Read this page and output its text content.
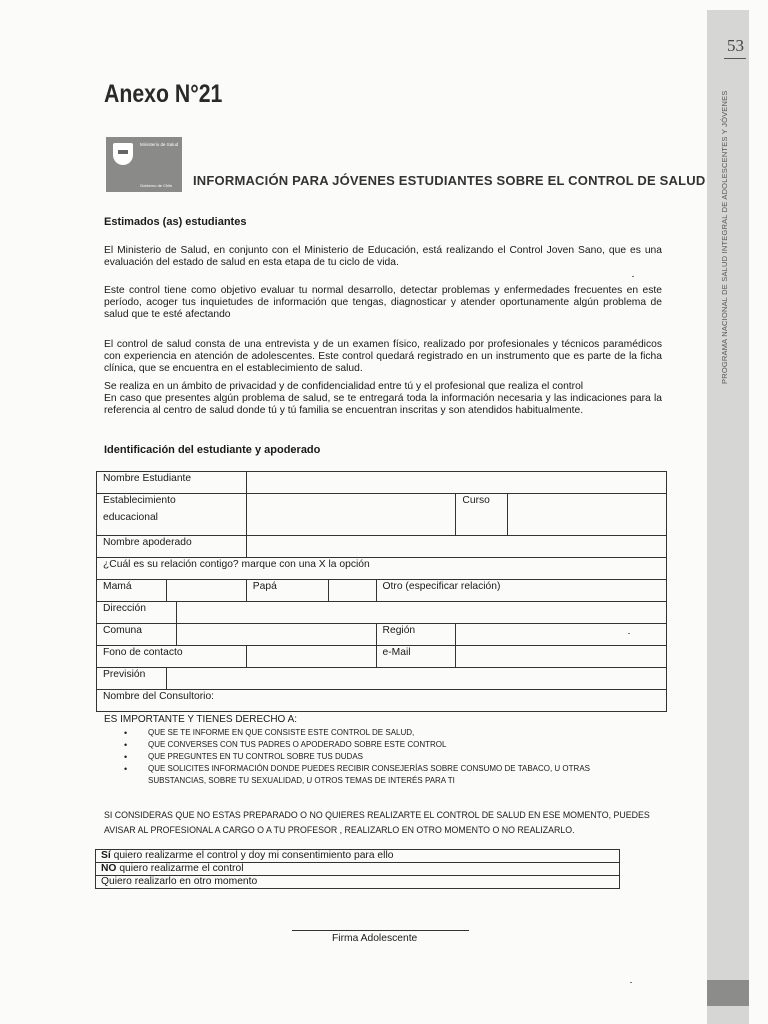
53
PROGRAMA NACIONAL DE SALUD INTEGRAL DE ADOLESCENTES Y JÓVENES
Anexo N°21
Ministerio de Salud
Gobierno de Chile INFORMACIÓN PARA JÓVENES ESTUDIANTES SOBRE EL CONTROL DE SALUD
Estimados (as) estudiantes
El Ministerio de Salud, en conjunto con el Ministerio de Educación, está realizando el Control Joven Sano, que es una evaluación del estado de salud en esta etapa de tu ciclo de vida.
Este control tiene como objetivo evaluar tu normal desarrollo, detectar problemas y enfermedades frecuentes en este período, acoger tus inquietudes de información que tengas, diagnosticar y atender oportunamente algún problema de salud que te esté afectando
El control de salud consta de una entrevista y de un examen físico, realizado por profesionales y técnicos paramédicos con experiencia en atención de adolescentes. Este control quedará registrado en un instrumento que es parte de la ficha clínica, que se encuentra en el establecimiento de salud.
Se realiza en un ámbito de privacidad y de confidencialidad entre tú y el profesional que realiza el control
En caso que presentes algún problema de salud, se te entregará toda la información necesaria y las indicaciones para la referencia al centro de salud donde tú y tú familia se encuentran inscritas y son atendidos habitualmente.
Identificación del estudiante y apoderado
Nombre Estudiante							

Establecimiento
educacional						Curso	
Nombre apoderado							
¿Cuál es su relación contigo? marque con una X la opción							
Mamá			Papá		Otro (especificar relación)		
Dirección							
Comuna					Región		
Fono de contacto					e-Mail		
Previsión							
Nombre del Consultorio:							
ES IMPORTANTE Y TIENES DERECHO A:
•	QUE SE TE INFORME EN QUE CONSISTE ESTE CONTROL DE SALUD,
•	QUE CONVERSES CON TUS PADRES O APODERADO SOBRE ESTE CONTROL
•	QUE PREGUNTES EN TU CONTROL SOBRE TUS DUDAS
•	QUE SOLICITES INFORMACIÓN DONDE PUEDES RECIBIR CONSEJERÍAS SOBRE CONSUMO DE TABACO, U OTRAS SUBSTANCIAS, SOBRE TU SEXUALIDAD, U OTROS TEMAS DE INTERÉS PARA TI
SI CONSIDERAS QUE NO ESTAS PREPARADO O NO QUIERES REALIZARTE EL CONTROL DE SALUD EN ESE MOMENTO, PUEDES AVISAR AL PROFESIONAL A CARGO O A TU PROFESOR , REALIZARLO EN OTRO MOMENTO O NO REALIZARLO.
Sí quiero realizarme el control y doy mi consentimiento para ello
NO quiero realizarme el control
Quiero realizarlo en otro momento
Firma Adolescente
